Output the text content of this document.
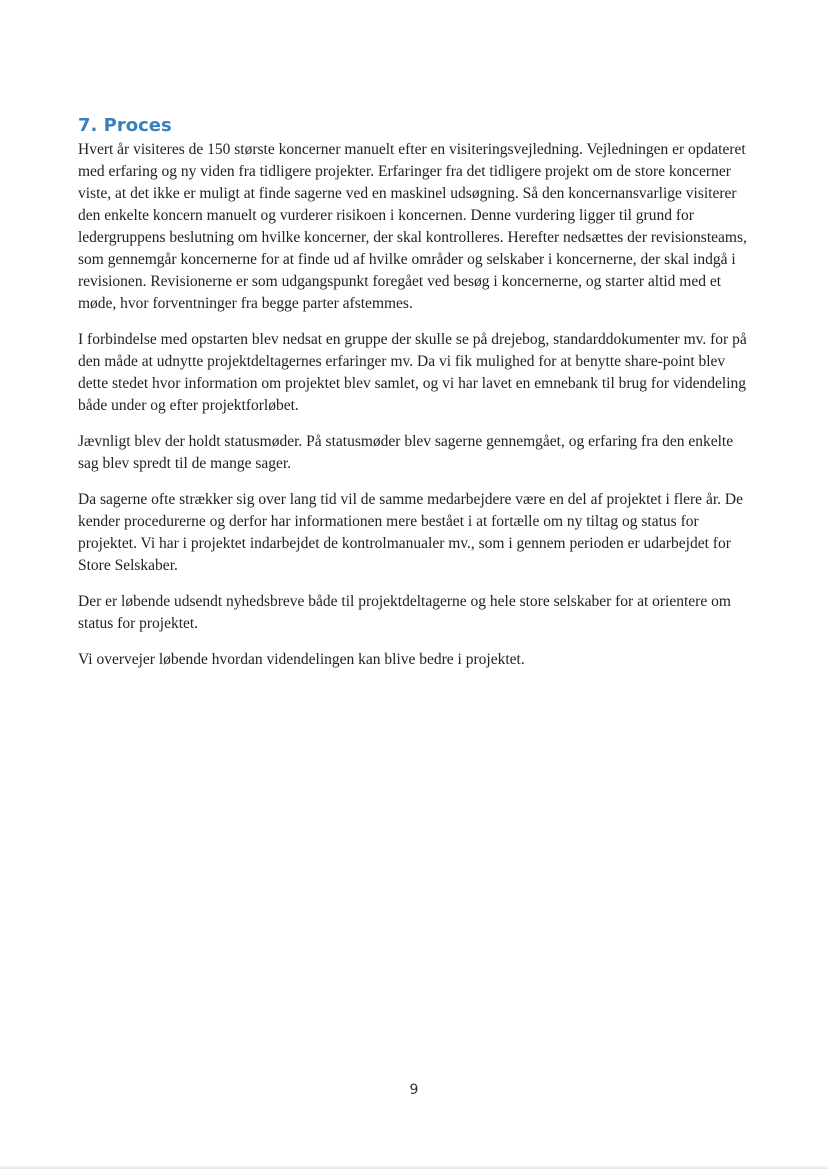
7. Proces

Hvert år visiteres de 150 største koncerner manuelt efter en visiteringsvejledning. Vejledningen er opdateret med erfaring og ny viden fra tidligere projekter. Erfaringer fra det tidligere projekt om de store koncerner viste, at det ikke er muligt at finde sagerne ved en maskinel udsøgning. Så den koncernansvarlige visiterer den enkelte koncern manuelt og vurderer risikoen i koncernen. Denne vurdering ligger til grund for ledergruppens beslutning om hvilke koncerner, der skal kontrolleres. Herefter nedsættes der revisionsteams, som gennemgår koncernerne for at finde ud af hvilke områder og selskaber i koncernerne, der skal indgå i revisionen. Revisionerne er som udgangspunkt foregået ved besøg i koncernerne, og starter altid med et møde, hvor forventninger fra begge parter afstemmes.

I forbindelse med opstarten blev nedsat en gruppe der skulle se på drejebog, standarddokumenter mv. for på den måde at udnytte projektdeltagernes erfaringer mv. Da vi fik mulighed for at benytte share-point blev dette stedet hvor information om projektet blev samlet, og vi har lavet en emnebank til brug for videndeling både under og efter projektforløbet.

Jævnligt blev der holdt statusmøder. På statusmøder blev sagerne gennemgået, og erfaring fra den enkelte sag blev spredt til de mange sager.

Da sagerne ofte strækker sig over lang tid vil de samme medarbejdere være en del af projektet i flere år. De kender procedurerne og derfor har informationen mere bestået i at fortælle om ny tiltag og status for projektet. Vi har i projektet indarbejdet de kontrolmanualer mv., som i gennem perioden er udarbejdet for Store Selskaber.

Der er løbende udsendt nyhedsbreve både til projektdeltagerne og hele store selskaber for at orientere om status for projektet.

Vi overvejer løbende hvordan videndelingen kan blive bedre i projektet.

9
